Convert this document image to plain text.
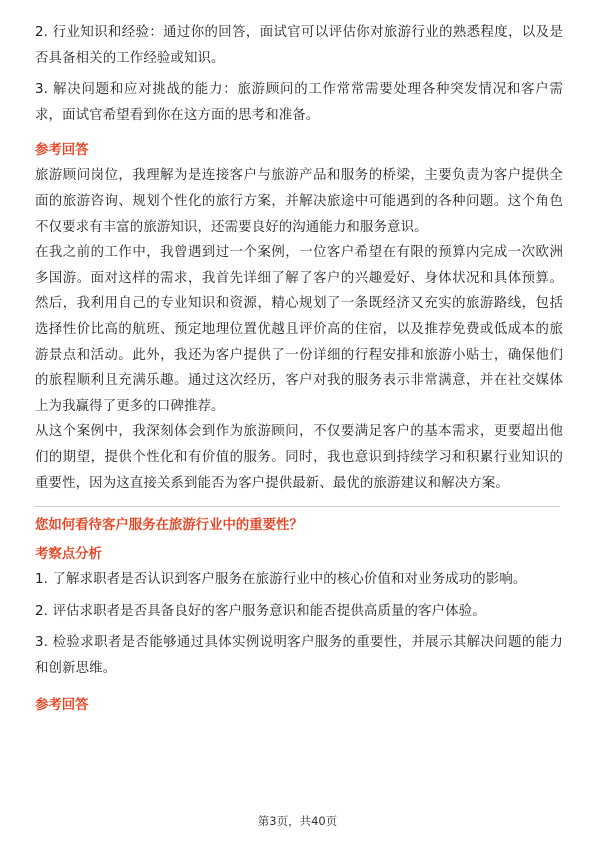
2. 行业知识和经验：通过你的回答，面试官可以评估你对旅游行业的熟悉程度，以及是否具备相关的工作经验或知识。

3. 解决问题和应对挑战的能力：旅游顾问的工作常常需要处理各种突发情况和客户需求，面试官希望看到你在这方面的思考和准备。

参考回答

旅游顾问岗位，我理解为是连接客户与旅游产品和服务的桥梁，主要负责为客户提供全面的旅游咨询、规划个性化的旅行方案，并解决旅途中可能遇到的各种问题。这个角色不仅要求有丰富的旅游知识，还需要良好的沟通能力和服务意识。

在我之前的工作中，我曾遇到过一个案例，一位客户希望在有限的预算内完成一次欧洲多国游。面对这样的需求，我首先详细了解了客户的兴趣爱好、身体状况和具体预算。然后，我利用自己的专业知识和资源，精心规划了一条既经济又充实的旅游路线，包括选择性价比高的航班、预定地理位置优越且评价高的住宿，以及推荐免费或低成本的旅游景点和活动。此外，我还为客户提供了一份详细的行程安排和旅游小贴士，确保他们的旅程顺利且充满乐趣。通过这次经历，客户对我的服务表示非常满意，并在社交媒体上为我赢得了更多的口碑推荐。

从这个案例中，我深刻体会到作为旅游顾问，不仅要满足客户的基本需求，更要超出他们的期望，提供个性化和有价值的服务。同时，我也意识到持续学习和积累行业知识的重要性，因为这直接关系到能否为客户提供最新、最优的旅游建议和解决方案。

您如何看待客户服务在旅游行业中的重要性？
考察点分析

1. 了解求职者是否认识到客户服务在旅游行业中的核心价值和对业务成功的影响。

2. 评估求职者是否具备良好的客户服务意识和能否提供高质量的客户体验。

3. 检验求职者是否能够通过具体实例说明客户服务的重要性，并展示其解决问题的能力和创新思维。

参考回答
第3页，共40页
